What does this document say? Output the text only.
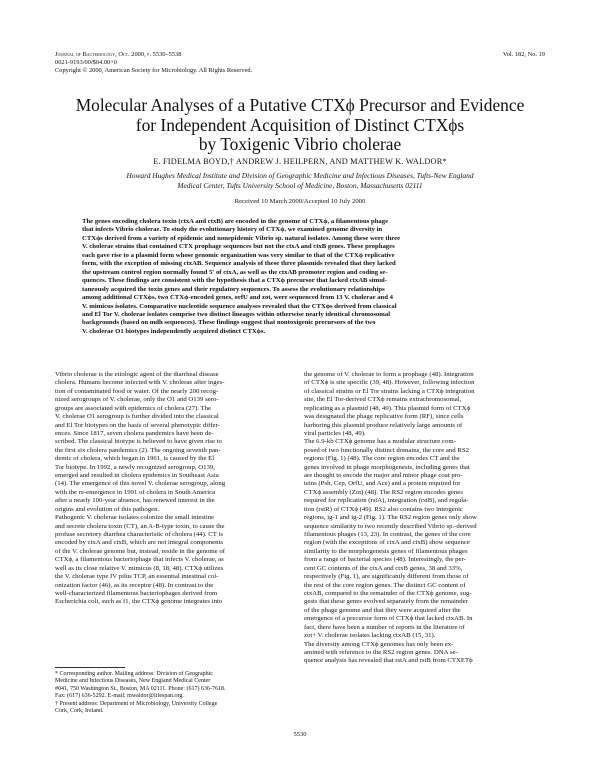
Journal of Bacteriology, Oct. 2000, p. 5530–5538
0021-9193/00/$04.00+0
Copyright © 2000, American Society for Microbiology. All Rights Reserved.
Vol. 182, No. 19
Molecular Analyses of a Putative CTXϕ Precursor and Evidence
for Independent Acquisition of Distinct CTXϕs
by Toxigenic Vibrio cholerae
E. FIDELMA BOYD,† ANDREW J. HEILPERN, AND MATTHEW K. WALDOR*
Howard Hughes Medical Institute and Division of Geographic Medicine and Infectious Diseases, Tufts-New England
Medical Center, Tufts University School of Medicine, Boston, Massachusetts 02111
Received 10 March 2000/Accepted 10 July 2000
The genes encoding cholera toxin (ctxA and ctxB) are encoded in the genome of CTXϕ, a filamentous phage
that infects Vibrio cholerae. To study the evolutionary history of CTXϕ, we examined genome diversity in
CTXϕs derived from a variety of epidemic and nonepidemic Vibrio sp. natural isolates. Among these were three
V. cholerae strains that contained CTX prophage sequences but not the ctxA and ctxB genes. These prophages
each gave rise to a plasmid form whose genomic organization was very similar to that of the CTXϕ replicative
form, with the exception of missing ctxAB. Sequence analysis of these three plasmids revealed that they lacked
the upstream control region normally found 5′ of ctxA, as well as the ctxAB promoter region and coding se-
quences. These findings are consistent with the hypothesis that a CTXϕ precursor that lacked ctxAB simul-
taneously acquired the toxin genes and their regulatory sequences. To assess the evolutionary relationships
among additional CTXϕs, two CTXϕ-encoded genes, orfU and zot, were sequenced from 13 V. cholerae and 4
V. mimicus isolates. Comparative nucleotide sequence analyses revealed that the CTXϕs derived from classical
and El Tor V. cholerae isolates comprise two distinct lineages within otherwise nearly identical chromosomal
backgrounds (based on mdh sequences). These findings suggest that nontoxigenic precursors of the two
V. cholerae O1 biotypes independently acquired distinct CTXϕs.
Vibrio cholerae is the etiologic agent of the diarrheal disease
cholera. Humans become infected with V. cholerae after inges-
tion of contaminated food or water. Of the nearly 200 recog-
nized serogroups of V. cholerae, only the O1 and O139 sero-
groups are associated with epidemics of cholera (27). The
V. cholerae O1 serogroup is further divided into the classical
and El Tor biotypes on the basis of several phenotypic differ-
ences. Since 1817, seven cholera pandemics have been de-
scribed. The classical biotype is believed to have given rise to
the first six cholera pandemics (2). The ongoing seventh pan-
demic of cholera, which began in 1961, is caused by the El
Tor biotype. In 1992, a newly recognized serogroup, O139,
emerged and resulted in cholera epidemics in Southeast Asia
(14). The emergence of this novel V. cholerae serogroup, along
with the re-emergence in 1991 of cholera in South America
after a nearly 100-year absence, has renewed interest in the
origins and evolution of this pathogen.
Pathogenic V. cholerae isolates colonize the small intestine
and secrete cholera toxin (CT), an A-B-type toxin, to cause the
profuse secretory diarrhea characteristic of cholera (44). CT is
encoded by ctxA and ctxB, which are not integral components
of the V. cholerae genome but, instead, reside in the genome of
CTXϕ, a filamentous bacteriophage that infects V. cholerae, as
well as its close relative V. mimicus (8, 18, 48). CTXϕ utilizes
the V. cholerae type IV pilus TCP, an essential intestinal col-
onization factor (46), as its receptor (48). In contrast to the
well-characterized filamentous bacteriophages derived from
Escherichia coli, such as f1, the CTXϕ genome integrates into
* Corresponding author. Mailing address: Division of Geographic
Medicine and Infectious Diseases, New England Medical Center
#041, 750 Washington St., Boston, MA 02111. Phone: (617) 636-7618.
Fax: (617) 636-5292. E-mail: mwaldor@lifespan.org.
† Present address: Department of Microbiology, University College
Cork, Cork, Ireland.
the genome of V. cholerae to form a prophage (48). Integration
of CTXϕ is site specific (39, 48). However, following infection
of classical strains or El Tor strains lacking a CTXϕ integration
site, the El Tor-derived CTXϕ remains extrachromosomal,
replicating as a plasmid (48, 49). This plasmid form of CTXϕ
was designated the phage replicative form (RF), since cells
harboring this plasmid produce relatively large amounts of
viral particles (48, 49).
The 6.9-kb CTXϕ genome has a modular structure com-
posed of two functionally distinct domains, the core and RS2
regions (Fig. 1) (48). The core region encodes CT and the
genes involved in phage morphogenesis, including genes that
are thought to encode the major and minor phage coat pro-
teins (Psh, Cep, OrfU, and Ace) and a protein required for
CTXϕ assembly (Zot) (48). The RS2 region encodes genes
required for replication (rstA), integration (rstB), and regula-
tion (rstR) of CTXϕ (49). RS2 also contains two intergenic
regions, ig-1 and ig-2 (Fig. 1). The RS2 region genes only show
sequence similarity to two recently described Vibrio sp.-derived
filamentous phages (13, 23). In contrast, the genes of the core
region (with the exceptions of ctxA and ctxB) show sequence
similarity to the morphogenesis genes of filamentous phages
from a range of bacterial species (48). Interestingly, the per-
cent GC contents of the ctxA and ctxB genes, 38 and 33%,
respectively (Fig. 1), are significantly different from those of
the rest of the core region genes. The distinct GC content of
ctxAB, compared to the remainder of the CTXϕ genome, sug-
gests that these genes evolved separately from the remainder
of the phage genome and that they were acquired after the
emergence of a precursor form of CTXϕ that lacked ctxAB. In
fact, there have been a number of reports in the literature of
zot+ V. cholerae isolates lacking ctxAB (15, 31).
The diversity among CTXϕ genomes has only been ex-
amined with reference to the RS2 region genes. DNA se-
quence analysis has revealed that rstA and rstB from CTXETϕ
5530
